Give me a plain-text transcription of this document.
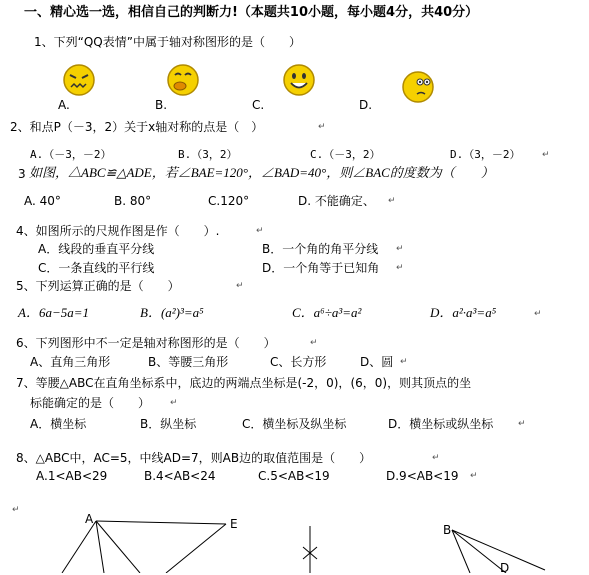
一、精心选一选，相信自己的判断力!（本题共10小题，每小题4分，共40分）
1、下列“QQ表情”中属于轴对称图形的是（　　）
A.	B.	C.	D.
2、和点P（－3，2）关于x轴对称的点是（　）	↵
A.（－3，－2）	B.（3，2）	C.（－3，2）	D.（3，－2） ↵
3 如图，△ABC≌△ADE，若∠BAE=120°，∠BAD=40°，则∠BAC的度数为（　　）
A. 40°	B. 80°	C.120°	D. 不能确定、 ↵
4、如图所示的尺规作图是作（　　）.	↵
A．线段的垂直平分线	B．一个角的角平分线 ↵
C．一条直线的平行线	D．一个角等于已知角 ↵
5、下列运算正确的是（　　）	↵
A．6a−5a=1	B．(a²)³=a⁵	C．a⁶÷a³=a²	D．a²·a³=a⁵	↵
6、下列图形中不一定是轴对称图形的是（　　）	↵
A、直角三角形	B、等腰三角形	C、长方形	D、圆 ↵
7、等腰△ABC在直角坐标系中，底边的两端点坐标是(-2，0)，(6，0)，则其顶点的坐
标能确定的是（　　） ↵
A．横坐标	B．纵坐标	C．横坐标及纵坐标	D．横坐标或纵坐标	↵
8、△ABC中，AC=5，中线AD=7，则AB边的取值范围是（　　）	↵
A.1<AB<29	B.4<AB<24	C.5<AB<19	D.9<AB<19 ↵
↵
A	E	B
D
